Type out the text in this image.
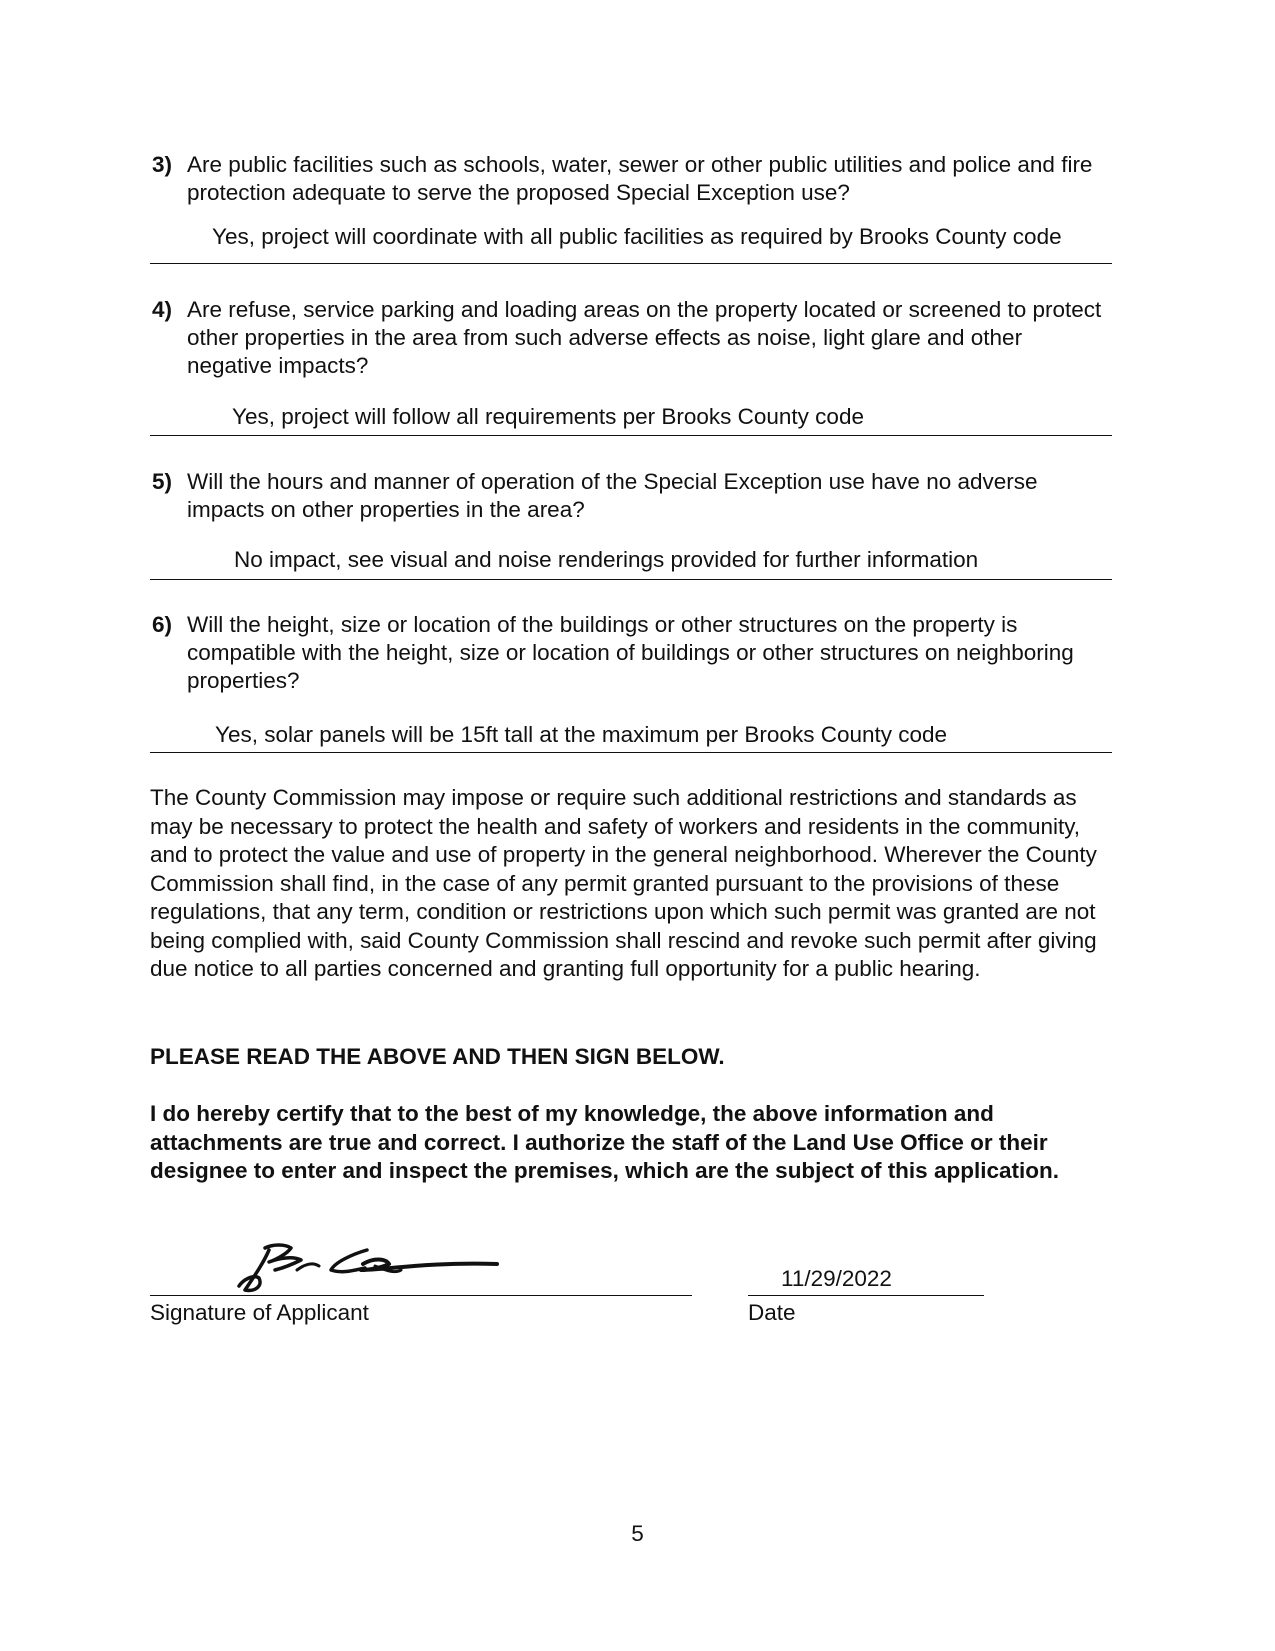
3) Are public facilities such as schools, water, sewer or other public utilities and police and fire protection adequate to serve the proposed Special Exception use?
Yes, project will coordinate with all public facilities as required by Brooks County code
4) Are refuse, service parking and loading areas on the property located or screened to protect other properties in the area from such adverse effects as noise, light glare and other negative impacts?
Yes, project will follow all requirements per Brooks County code
5) Will the hours and manner of operation of the Special Exception use have no adverse impacts on other properties in the area?
No impact, see visual and noise renderings provided for further information
6) Will the height, size or location of the buildings or other structures on the property is compatible with the height, size or location of buildings or other structures on neighboring properties?
Yes, solar panels will be 15ft tall at the maximum per Brooks County code
The County Commission may impose or require such additional restrictions and standards as may be necessary to protect the health and safety of workers and residents in the community, and to protect the value and use of property in the general neighborhood. Wherever the County Commission shall find, in the case of any permit granted pursuant to the provisions of these regulations, that any term, condition or restrictions upon which such permit was granted are not being complied with, said County Commission shall rescind and revoke such permit after giving due notice to all parties concerned and granting full opportunity for a public hearing.
PLEASE READ THE ABOVE AND THEN SIGN BELOW.
I do hereby certify that to the best of my knowledge, the above information and attachments are true and correct. I authorize the staff of the Land Use Office or their designee to enter and inspect the premises, which are the subject of this application.
Signature of Applicant
11/29/2022
Date
5
